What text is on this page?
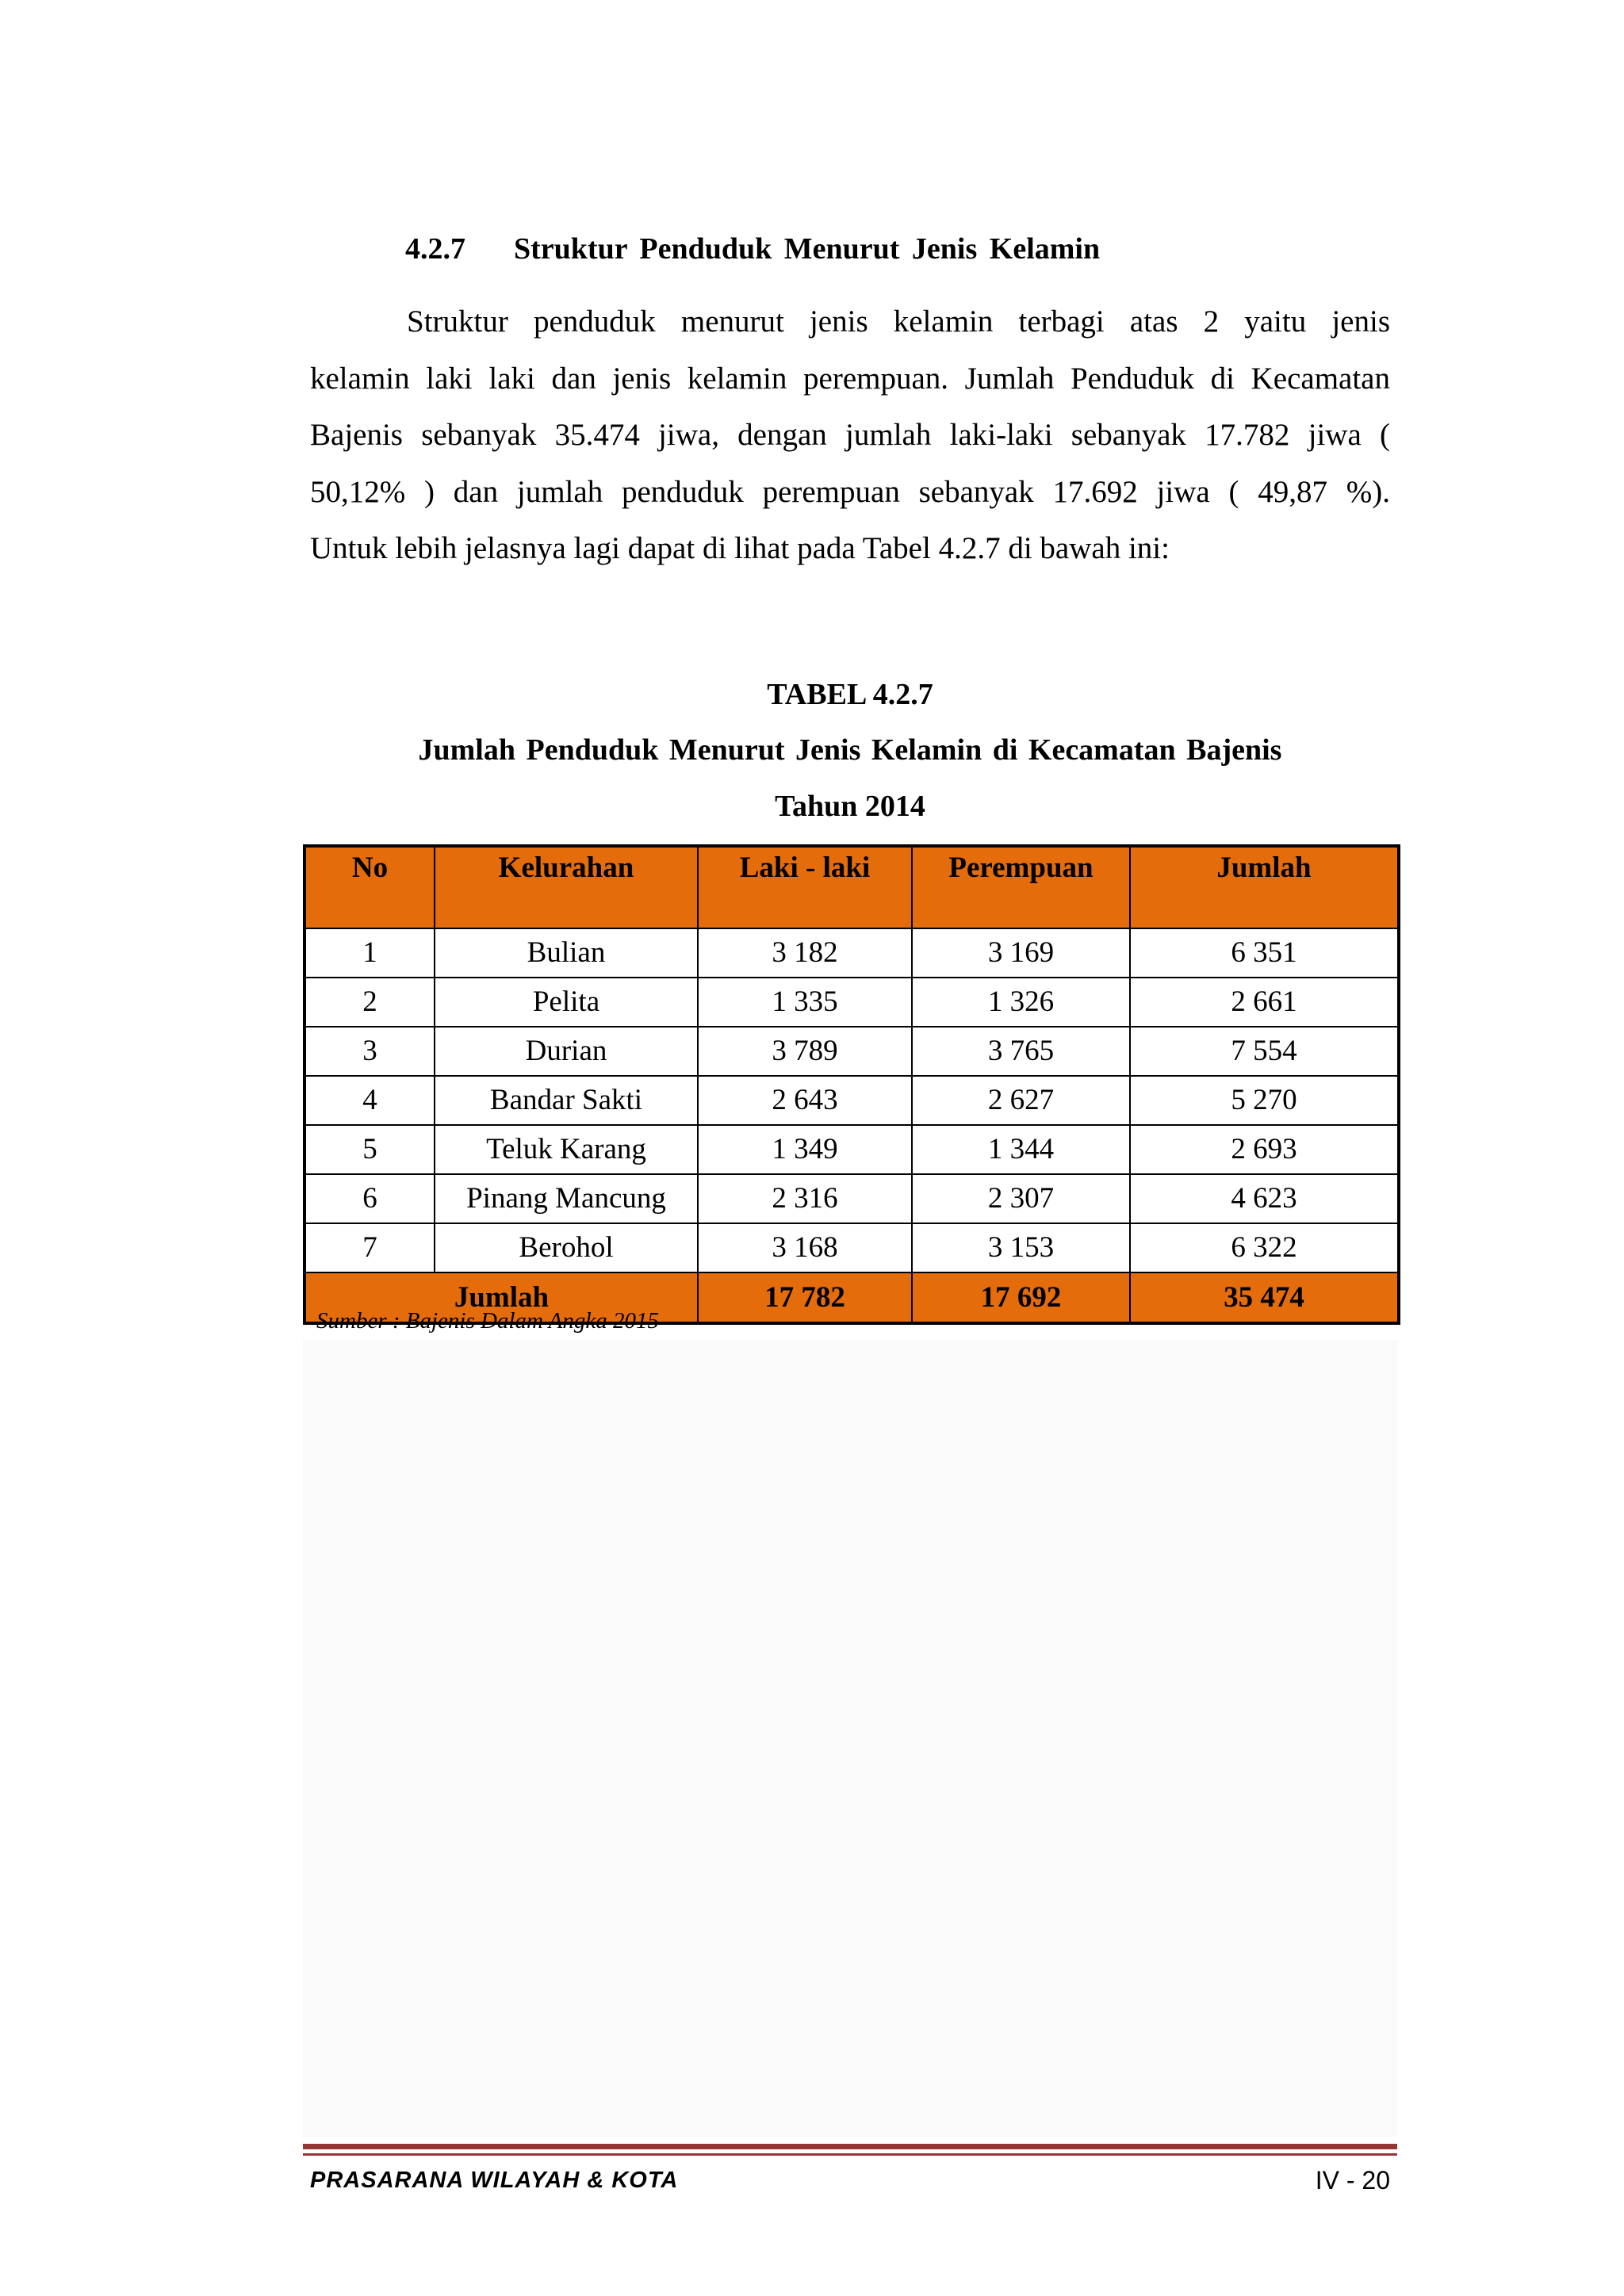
4.2.7 Struktur Penduduk Menurut Jenis Kelamin
Struktur penduduk menurut jenis kelamin terbagi atas 2 yaitu jenis
kelamin laki laki dan jenis kelamin perempuan. Jumlah Penduduk di Kecamatan
Bajenis sebanyak 35.474 jiwa, dengan jumlah laki-laki sebanyak 17.782 jiwa (
50,12% ) dan jumlah penduduk perempuan sebanyak 17.692 jiwa ( 49,87 %).
Untuk lebih jelasnya lagi dapat di lihat pada Tabel 4.2.7 di bawah ini:
TABEL 4.2.7
Jumlah Penduduk Menurut Jenis Kelamin di Kecamatan Bajenis
Tahun 2014
No	Kelurahan	Laki - laki	Perempuan	Jumlah
1	Bulian	3 182	3 169	6 351
2	Pelita	1 335	1 326	2 661
3	Durian	3 789	3 765	7 554
4	Bandar Sakti	2 643	2 627	5 270
5	Teluk Karang	1 349	1 344	2 693
6	Pinang Mancung	2 316	2 307	4 623
7	Berohol	3 168	3 153	6 322
Jumlah		17 782	17 692	35 474
Sumber : Bajenis Dalam Angka 2015
PRASARANA WILAYAH & KOTA	IV - 20
